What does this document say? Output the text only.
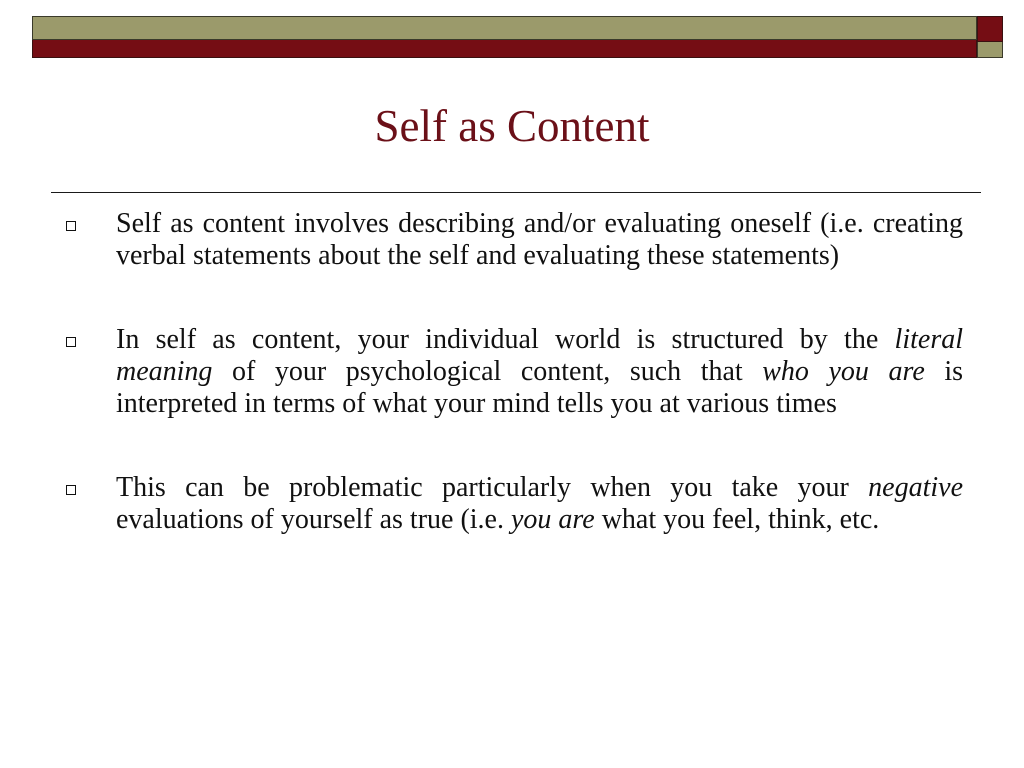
Self as Content
Self as content involves describing and/or evaluating oneself (i.e. creating verbal statements about the self and evaluating these statements)
In self as content, your individual world is structured by the literal meaning of your psychological content, such that who you are is interpreted in terms of what your mind tells you at various times
This can be problematic particularly when you take your negative evaluations of yourself as true (i.e. you are what you feel, think, etc.
